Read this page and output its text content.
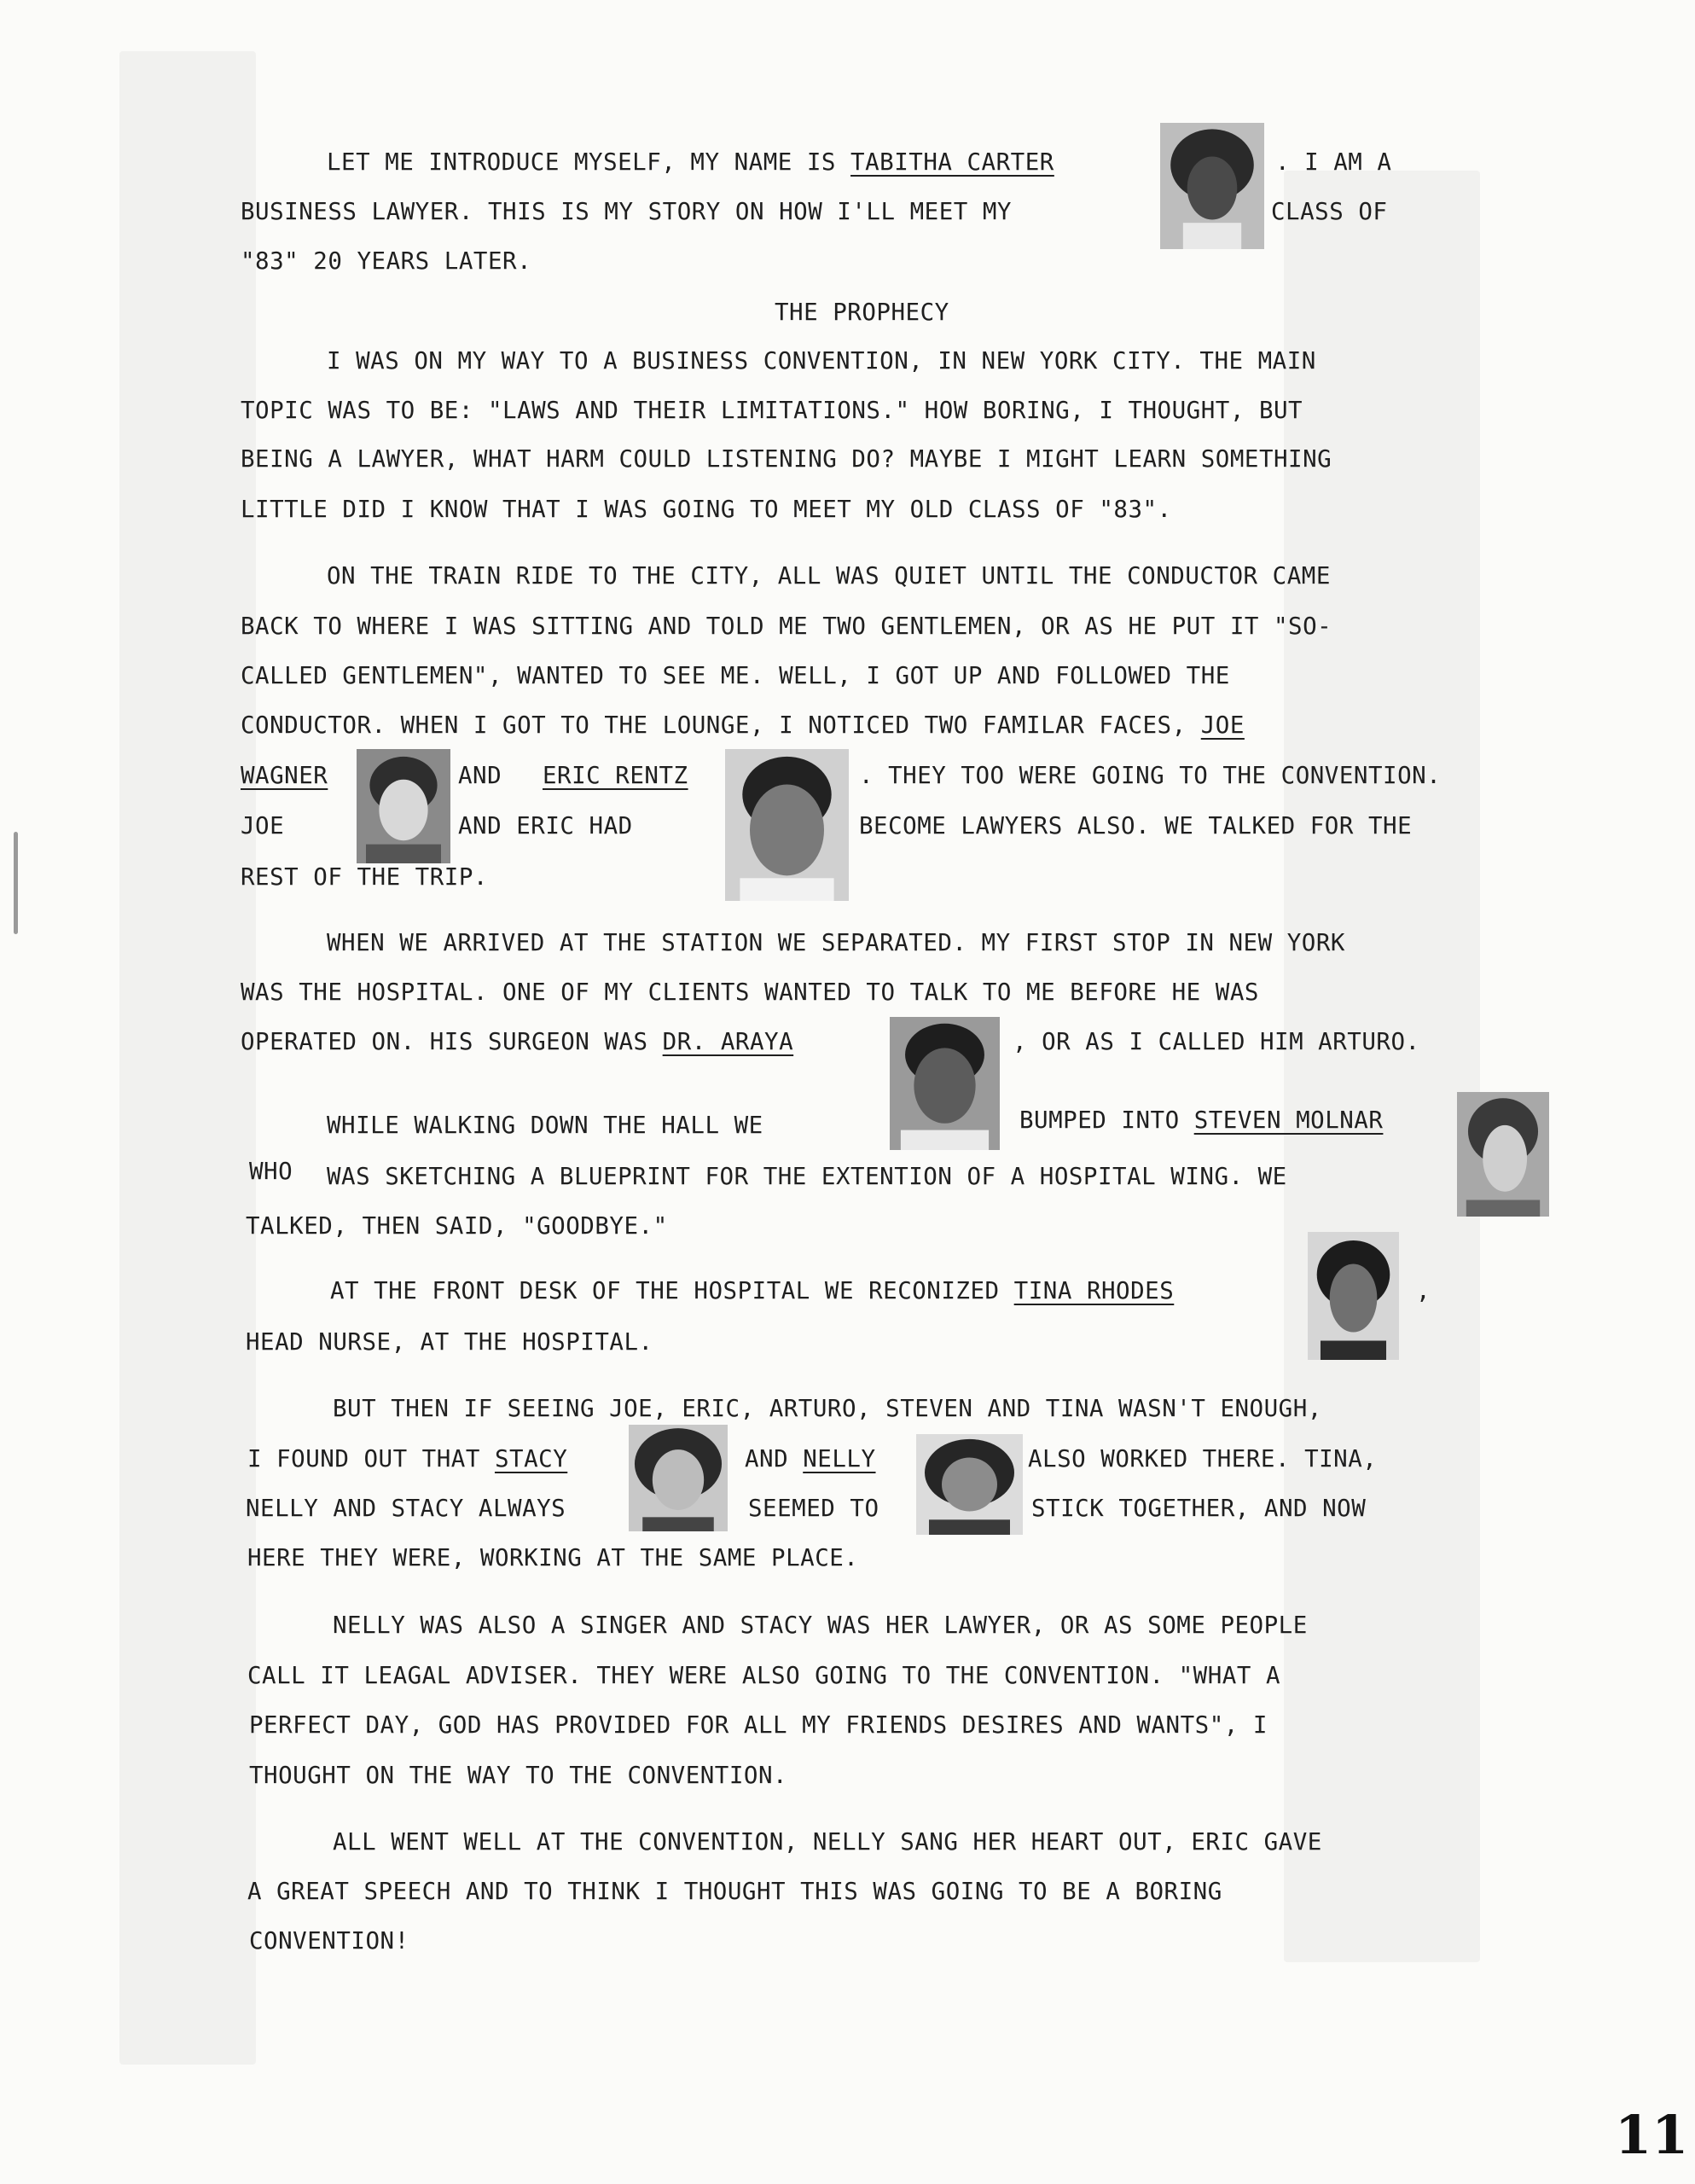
LET ME INTRODUCE MYSELF, MY NAME IS TABITHA CARTER	. I AM A
BUSINESS LAWYER. THIS IS MY STORY ON HOW I'LL MEET MY	CLASS OF
"83" 20 YEARS LATER.
THE PROPHECY
I WAS ON MY WAY TO A BUSINESS CONVENTION, IN NEW YORK CITY. THE MAIN
TOPIC WAS TO BE: "LAWS AND THEIR LIMITATIONS." HOW BORING, I THOUGHT, BUT
BEING A LAWYER, WHAT HARM COULD LISTENING DO? MAYBE I MIGHT LEARN SOMETHING
LITTLE DID I KNOW THAT I WAS GOING TO MEET MY OLD CLASS OF "83".
ON THE TRAIN RIDE TO THE CITY, ALL WAS QUIET UNTIL THE CONDUCTOR CAME
BACK TO WHERE I WAS SITTING AND TOLD ME TWO GENTLEMEN, OR AS HE PUT IT "SO-
CALLED GENTLEMEN", WANTED TO SEE ME. WELL, I GOT UP AND FOLLOWED THE
CONDUCTOR. WHEN I GOT TO THE LOUNGE, I NOTICED TWO FAMILAR FACES, JOE
WAGNER	AND ERIC RENTZ	. THEY TOO WERE GOING TO THE CONVENTION.
JOE	AND ERIC HAD	BECOME LAWYERS ALSO. WE TALKED FOR THE
REST OF THE TRIP.
WHEN WE ARRIVED AT THE STATION WE SEPARATED. MY FIRST STOP IN NEW YORK
WAS THE HOSPITAL. ONE OF MY CLIENTS WANTED TO TALK TO ME BEFORE HE WAS
OPERATED ON. HIS SURGEON WAS DR. ARAYA	, OR AS I CALLED HIM ARTURO.
WHILE WALKING DOWN THE HALL WE	BUMPED INTO STEVEN MOLNAR
WHO WAS SKETCHING A BLUEPRINT FOR THE EXTENTION OF A HOSPITAL WING. WE
TALKED, THEN SAID, "GOODBYE."
AT THE FRONT DESK OF THE HOSPITAL WE RECONIZED TINA RHODES	,
HEAD NURSE, AT THE HOSPITAL.
BUT THEN IF SEEING JOE, ERIC, ARTURO, STEVEN AND TINA WASN'T ENOUGH,
I FOUND OUT THAT STACY	AND NELLY	ALSO WORKED THERE. TINA,
NELLY AND STACY ALWAYS	SEEMED TO	STICK TOGETHER, AND NOW
HERE THEY WERE, WORKING AT THE SAME PLACE.
NELLY WAS ALSO A SINGER AND STACY WAS HER LAWYER, OR AS SOME PEOPLE
CALL IT LEAGAL ADVISER. THEY WERE ALSO GOING TO THE CONVENTION. "WHAT A
PERFECT DAY, GOD HAS PROVIDED FOR ALL MY FRIENDS DESIRES AND WANTS", I
THOUGHT ON THE WAY TO THE CONVENTION.
ALL WENT WELL AT THE CONVENTION, NELLY SANG HER HEART OUT, ERIC GAVE
A GREAT SPEECH AND TO THINK I THOUGHT THIS WAS GOING TO BE A BORING
CONVENTION!
11
